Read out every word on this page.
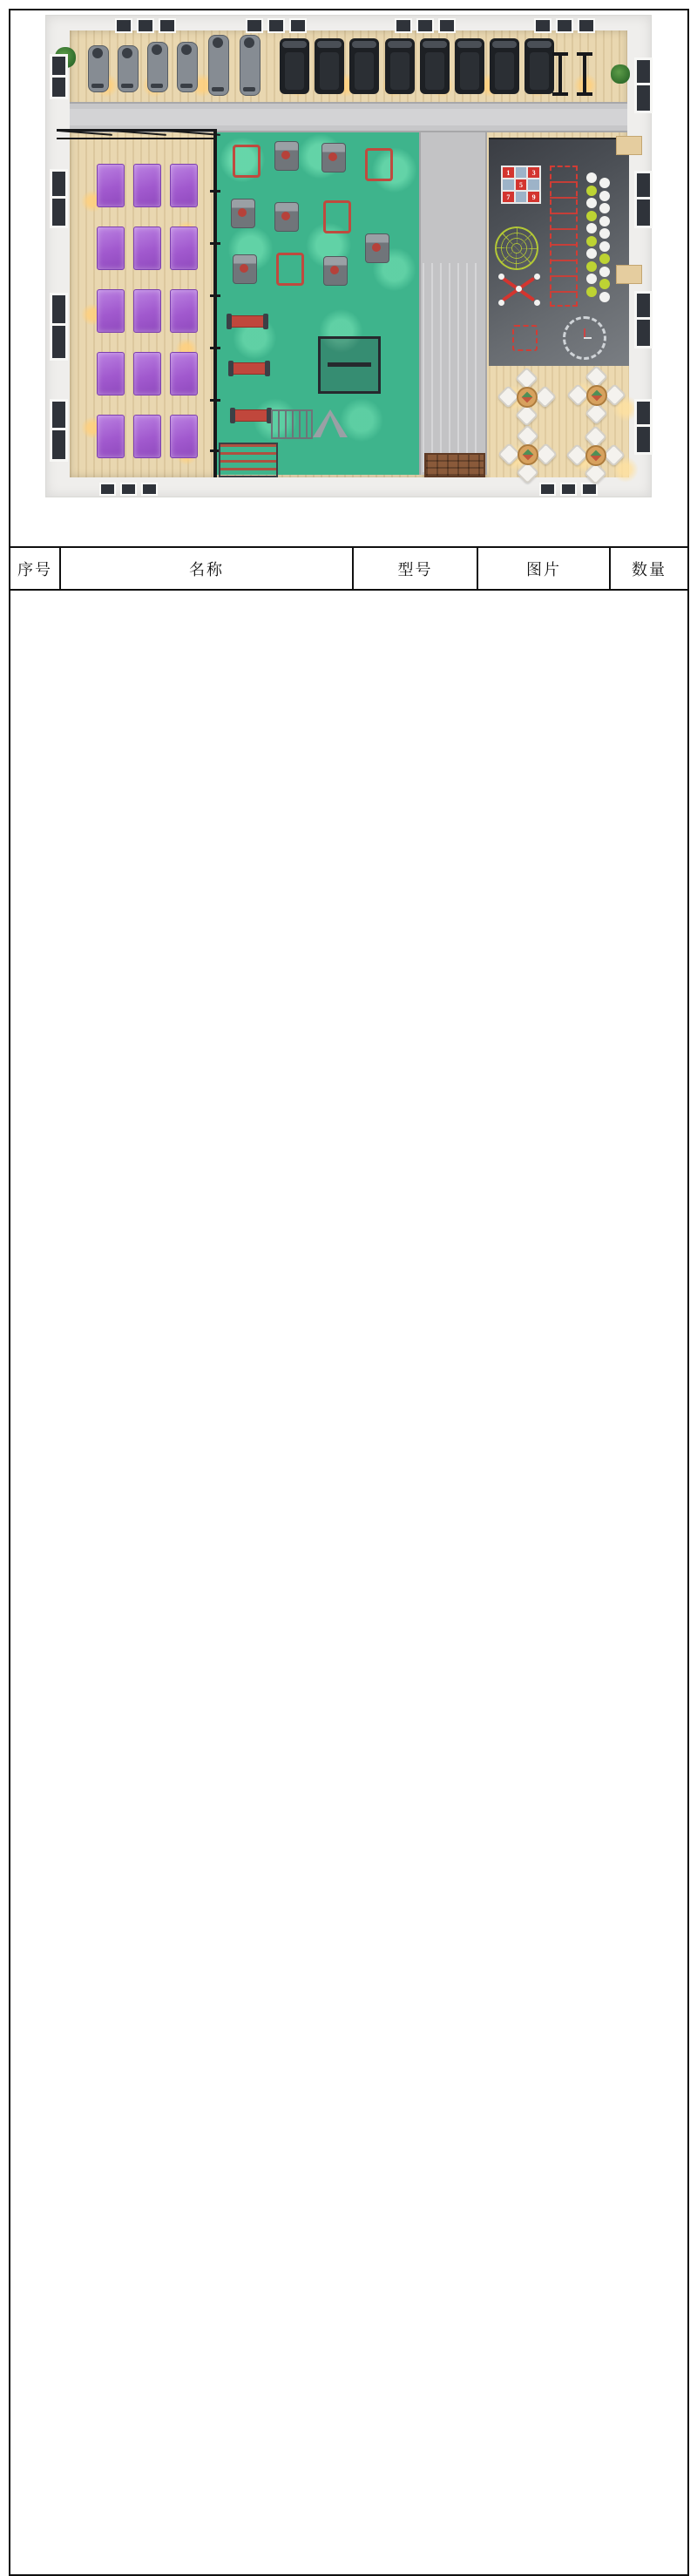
1	3
5
7	9
序号	名称	型号	图片	数量
